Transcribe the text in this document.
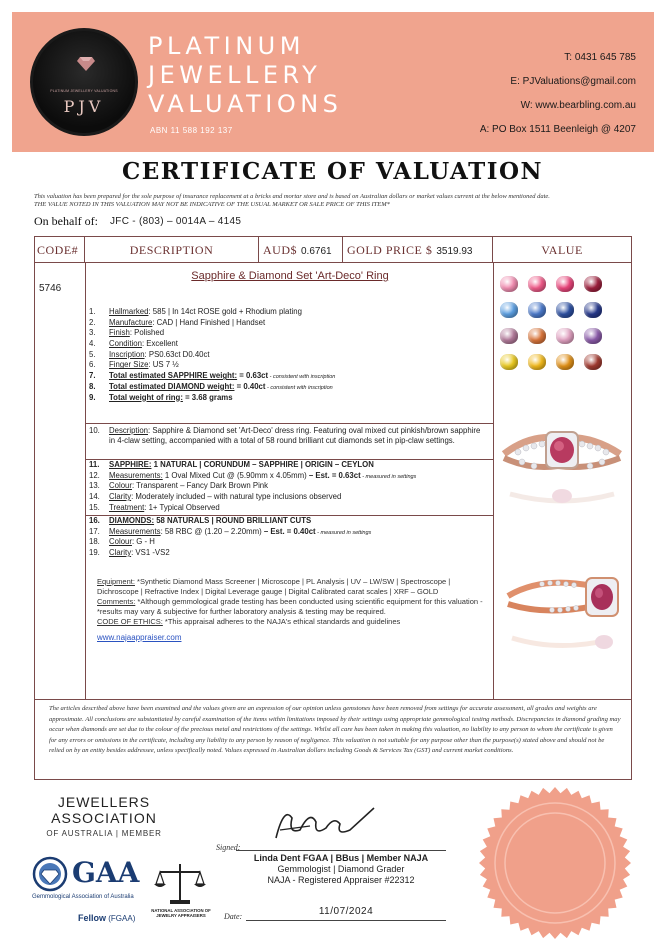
PLATINUM JEWELLERY VALUATIONS
PJV
PLATINUM
JEWELLERY
VALUATIONS
ABN 11 588 192 137
T: 0431 645 785
E: PJValuations@gmail.com
W: www.bearbling.com.au
A: PO Box 1511 Beenleigh @ 4207
CERTIFICATE OF VALUATION
This valuation has been prepared for the sole purpose of insurance replacement at a bricks and mortar store and is based on Australian dollars or market values current at the below mentioned date.
THE VALUE NOTED IN THIS VALUATION MAY NOT BE INDICATIVE OF THE USUAL MARKET OR SALE PRICE OF THIS ITEM*
On behalf of: JFC - (803) – 0014A – 4145
CODE#	DESCRIPTION	AUD$ 0.6761	GOLD PRICE $ 3519.93	VALUE
5746
Sapphire & Diamond Set 'Art-Deco' Ring
1.	Hallmarked: 585 | In 14ct ROSE gold + Rhodium plating
2.	Manufacture: CAD | Hand Finished | Handset
3.	Finish: Polished
4.	Condition: Excellent
5.	Inscription: PS0.63ct D0.40ct
6.	Finger Size: US 7 ½
7.	Total estimated SAPPHIRE weight: = 0.63ct - consistent with inscription
8.	Total estimated DIAMOND weight: = 0.40ct - consistent with inscription
9.	Total weight of ring: = 3.68 grams
10. Description: Sapphire & Diamond set 'Art-Deco' dress ring. Featuring oval mixed cut pinkish/brown sapphire in 4-claw setting, accompanied with a total of 58 round brilliant cut diamonds set in pip-claw settings.
11.	SAPPHIRE: 1 NATURAL | CORUNDUM – SAPPHIRE | ORIGIN – CEYLON
12.	Measurements: 1 Oval Mixed Cut @ (5.90mm x 4.05mm) – Est. = 0.63ct - measured in settings
13.	Colour: Transparent – Fancy Dark Brown Pink
14.	Clarity: Moderately included – with natural type inclusions observed
15.	Treatment: 1+ Typical Observed
16.	DIAMONDS: 58 NATURALS | ROUND BRILLIANT CUTS
17.	Measurements: 58 RBC @ (1.20 – 2.20mm) – Est. = 0.40ct - measured in settings
18.	Colour: G - H
19.	Clarity: VS1 -VS2
Equipment: *Synthetic Diamond Mass Screener | Microscope | PL Analysis | UV – LW/SW | Spectroscope | Dichroscope | Refractive Index | Digital Leverage gauge | Digital Calibrated carat scales | XRF – GOLD
Comments: *Although gemmological grade testing has been conducted using scientific equipment for this valuation - *results may vary & subjective for further laboratory analysis & testing may be required.
CODE OF ETHICS: *This appraisal adheres to the NAJA's ethical standards and guidelines
www.najaappraiser.com
The articles described above have been examined and the values given are an expression of our opinion unless gemstones have been removed from settings for accurate assessment, all grades and weights are approximate. All conclusions are substantiated by careful examination of the items within limitations imposed by their settings using appropriate gemmological testing methods. Discrepancies in diamond grading may occur when diamonds are set due to the colour of the precious metal and restrictions of the settings. Whilst all care has been taken in making this valuation, no liability to any person to whom the certificate is given for any errors or omissions in the certificate, including any liability to any person by reason of negligence. This valuation is not suitable for any purpose other than the purpose(s) stated above and should not be relied on by an entity besides addressee, unless specifically noted. Values expressed in Australian dollars including Goods & Services Tax (GST) and current market conditions.
JEWELLERS
ASSOCIATION
OF AUSTRALIA | MEMBER
GAA
Gemmological Association of Australia
Fellow (FGAA)
NATIONAL ASSOCIATION OF JEWELRY APPRAISERS
Signed:
Linda Dent FGAA | BBus | Member NAJA
Gemmologist | Diamond Grader
NAJA - Registered Appraiser #22312
Date:	11/07/2024
